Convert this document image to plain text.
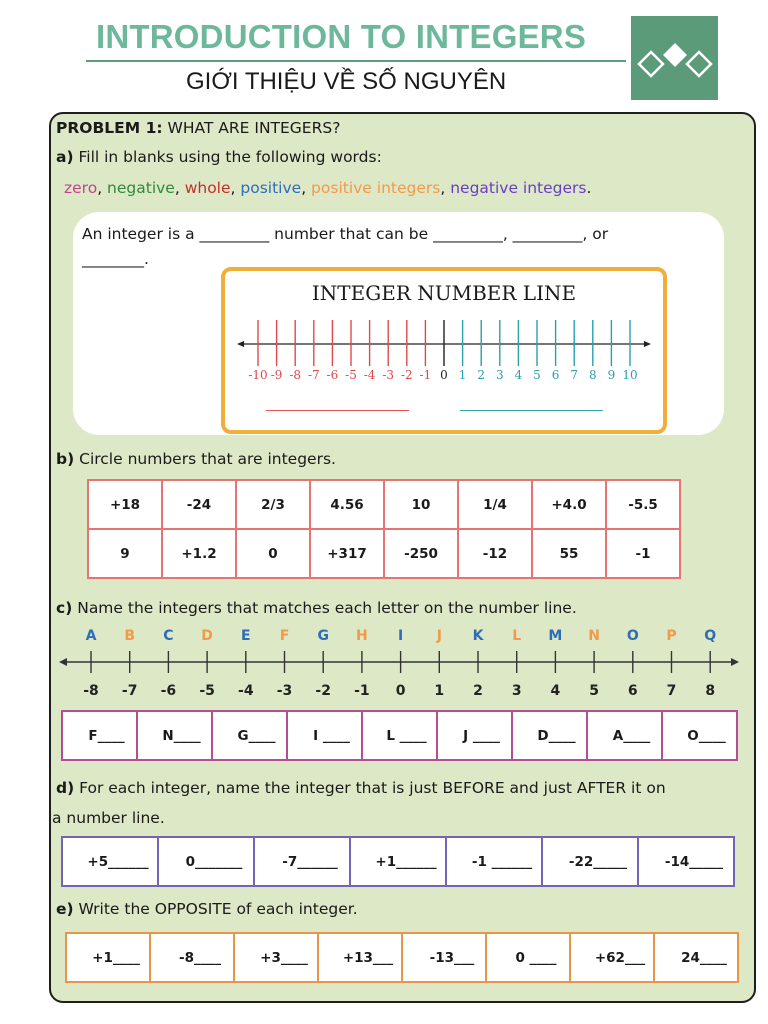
INTRODUCTION TO INTEGERS
GIỚI THIỆU VỀ SỐ NGUYÊN
PROBLEM 1: WHAT ARE INTEGERS?
a) Fill in blanks using the following words:
zero, negative, whole, positive, positive integers, negative integers.
An integer is a _________ number that can be _________, _________, or
________.
INTEGER NUMBER LINE
-10 -9 -8 -7 -6 -5 -4 -3 -2 -1 0 1 2 3 4 5 6 7 8 9 10
______________________	______________________
b) Circle numbers that are integers.
+18	-24	2/3	4.56	10	1/4	+4.0	-5.5
9	+1.2	0	+317	-250	-12	55	-1
c) Name the integers that matches each letter on the number line.
A
-8
B
-7
C
-6
D
-5
E
-4
F
-3
G
-2
H
-1
I
0
J
1
K
2
L
3
M
4
N
5
O
6
P
7
Q
8
F____	N____	G____	I ____	L ____	J ____	D____	A____	O____
d) For each integer, name the integer that is just BEFORE and just AFTER it on
a number line.
+5______	0_______	-7______	+1______	-1 ______	-22_____	-14_____
e) Write the OPPOSITE of each integer.
+1____	-8____	+3____	+13___	-13___	0 ____	+62___	24____
